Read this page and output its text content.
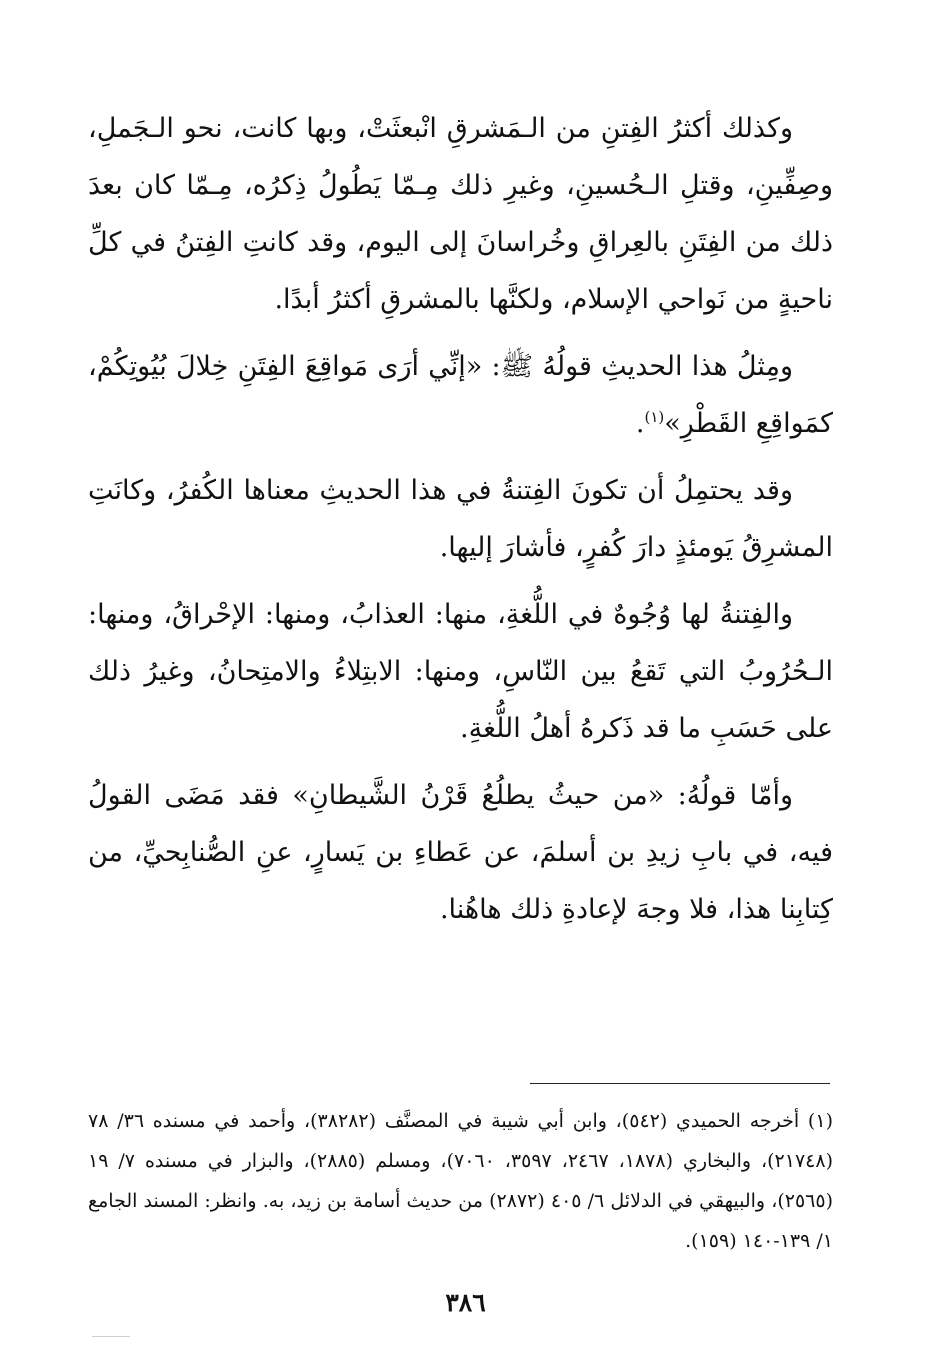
وكذلك أكثرُ الفِتنِ من الـمَشرقِ انْبعثَتْ، وبها كانت، نحو الـجَملِ، وصِفِّينِ، وقتلِ الـحُسينِ، وغيرِ ذلك مِـمّا يَطُولُ ذِكرُه، مِـمّا كان بعدَ ذلك من الفِتَنِ بالعِراقِ وخُراسانَ إلى اليوم، وقد كانتِ الفِتنُ في كلِّ ناحيةٍ من نَواحي الإسلام، ولكنَّها بالمشرقِ أكثرُ أبدًا.

ومِثلُ هذا الحديثِ قولُهُ ﷺ: «إنِّي أرَى مَواقِعَ الفِتَنِ خِلالَ بُيُوتِكُمْ، كمَواقِعِ القَطْرِ»$^{(١)}$.

وقد يحتمِلُ أن تكونَ الفِتنةُ في هذا الحديثِ معناها الكُفرُ، وكانَتِ المشرِقُ يَومئذٍ دارَ كُفرٍ، فأشارَ إليها.

والفِتنةُ لها وُجُوهٌ في اللُّغةِ، منها: العذابُ، ومنها: الإحْراقُ، ومنها: الـحُرُوبُ التي تَقعُ بين النّاسِ، ومنها: الابتِلاءُ والامتِحانُ، وغيرُ ذلك على حَسَبِ ما قد ذَكرهُ أهلُ اللُّغةِ.

وأمّا قولُهُ: «من حيثُ يطلُعُ قَرْنُ الشَّيطانِ» فقد مَضَى القولُ فيه، في بابِ زيدِ بن أسلمَ، عن عَطاءِ بن يَسارٍ، عنِ الصُّنابِحيِّ، من كِتابِنا هذا، فلا وجهَ لإعادةِ ذلك هاهُنا.

(١) أخرجه الحميدي (٥٤٢)، وابن أبي شيبة في المصنَّف (٣٨٢٨٢)، وأحمد في مسنده ٣٦/ ٧٨ (٢١٧٤٨)، والبخاري (١٨٧٨، ٢٤٦٧، ٣٥٩٧، ٧٠٦٠)، ومسلم (٢٨٨٥)، والبزار في مسنده ٧/ ١٩ (٢٥٦٥)، والبيهقي في الدلائل ٦/ ٤٠٥ (٢٨٧٢) من حديث أسامة بن زيد، به. وانظر: المسند الجامع ١/ ١٣٩-١٤٠ (١٥٩).

٣٨٦
